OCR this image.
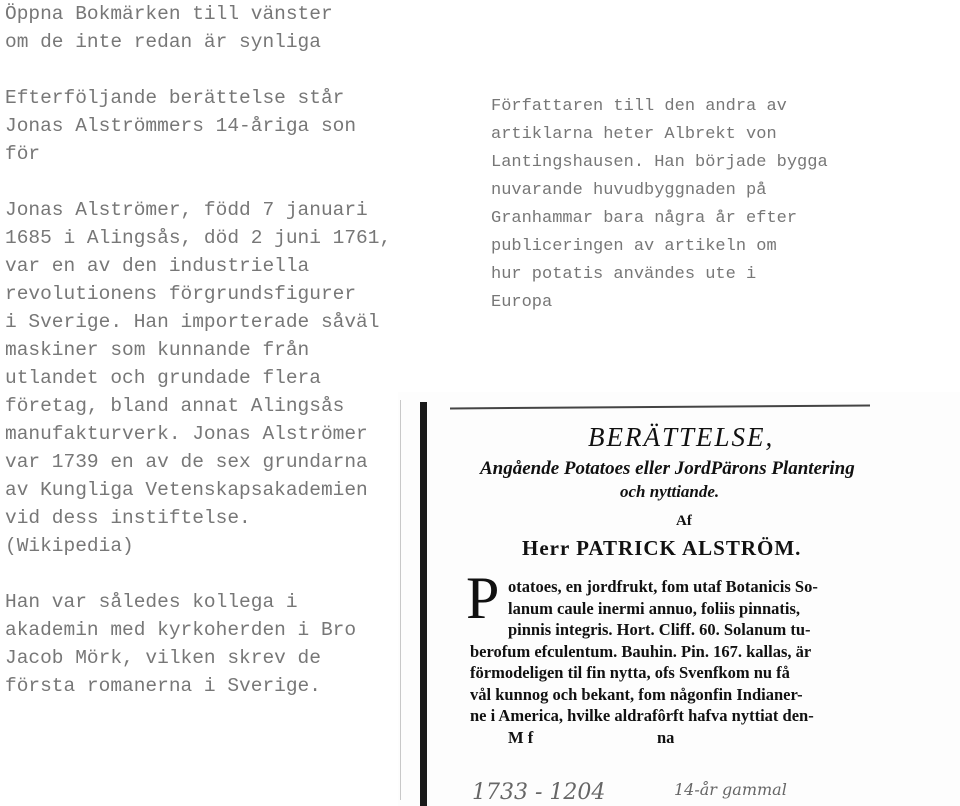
Öppna Bokmärken till vänster
om de inte redan är synliga

Efterföljande berättelse står
Jonas Alströmmers 14-åriga son
för

Jonas Alströmer, född 7 januari
1685 i Alingsås, död 2 juni 1761,
var en av den industriella
revolutionens förgrundsfigurer
i Sverige. Han importerade såväl
maskiner som kunnande från
utlandet och grundade flera
företag, bland annat Alingsås
manufakturverk. Jonas Alströmer
var 1739 en av de sex grundarna
av Kungliga Vetenskapsakademien
vid dess instiftelse.
(Wikipedia)

Han var således kollega i
akademin med kyrkoherden i Bro
Jacob Mörk, vilken skrev de
första romanerna i Sverige.

Författaren till den andra av
artiklarna heter Albrekt von
Lantingshausen. Han började bygga
nuvarande huvudbyggnaden på
Granhammar bara några år efter
publiceringen av artikeln om
hur potatis användes ute i
Europa

BERÄTTELSE,
Angående Potatoes eller JordPärons Plantering
och nyttiande.
Af
Herr PATRICK ALSTRÖM.
P otatoes, en jordfrukt, fom utaf Botanicis So-
lanum caule inermi annuo, foliis pinnatis,
pinnis integris. Hort. Cliff. 60. Solanum tu-
berofum efculentum. Bauhin. Pin. 167. kallas, är
förmodeligen til fin nytta, ofs Svenfkom nu få
vål kunnog och bekant, fom någonfin Indianer-
ne i America, hvilke aldrafôrft hafva nyttiat den-
M f                              na
1733 - 1204	14-år gammal
